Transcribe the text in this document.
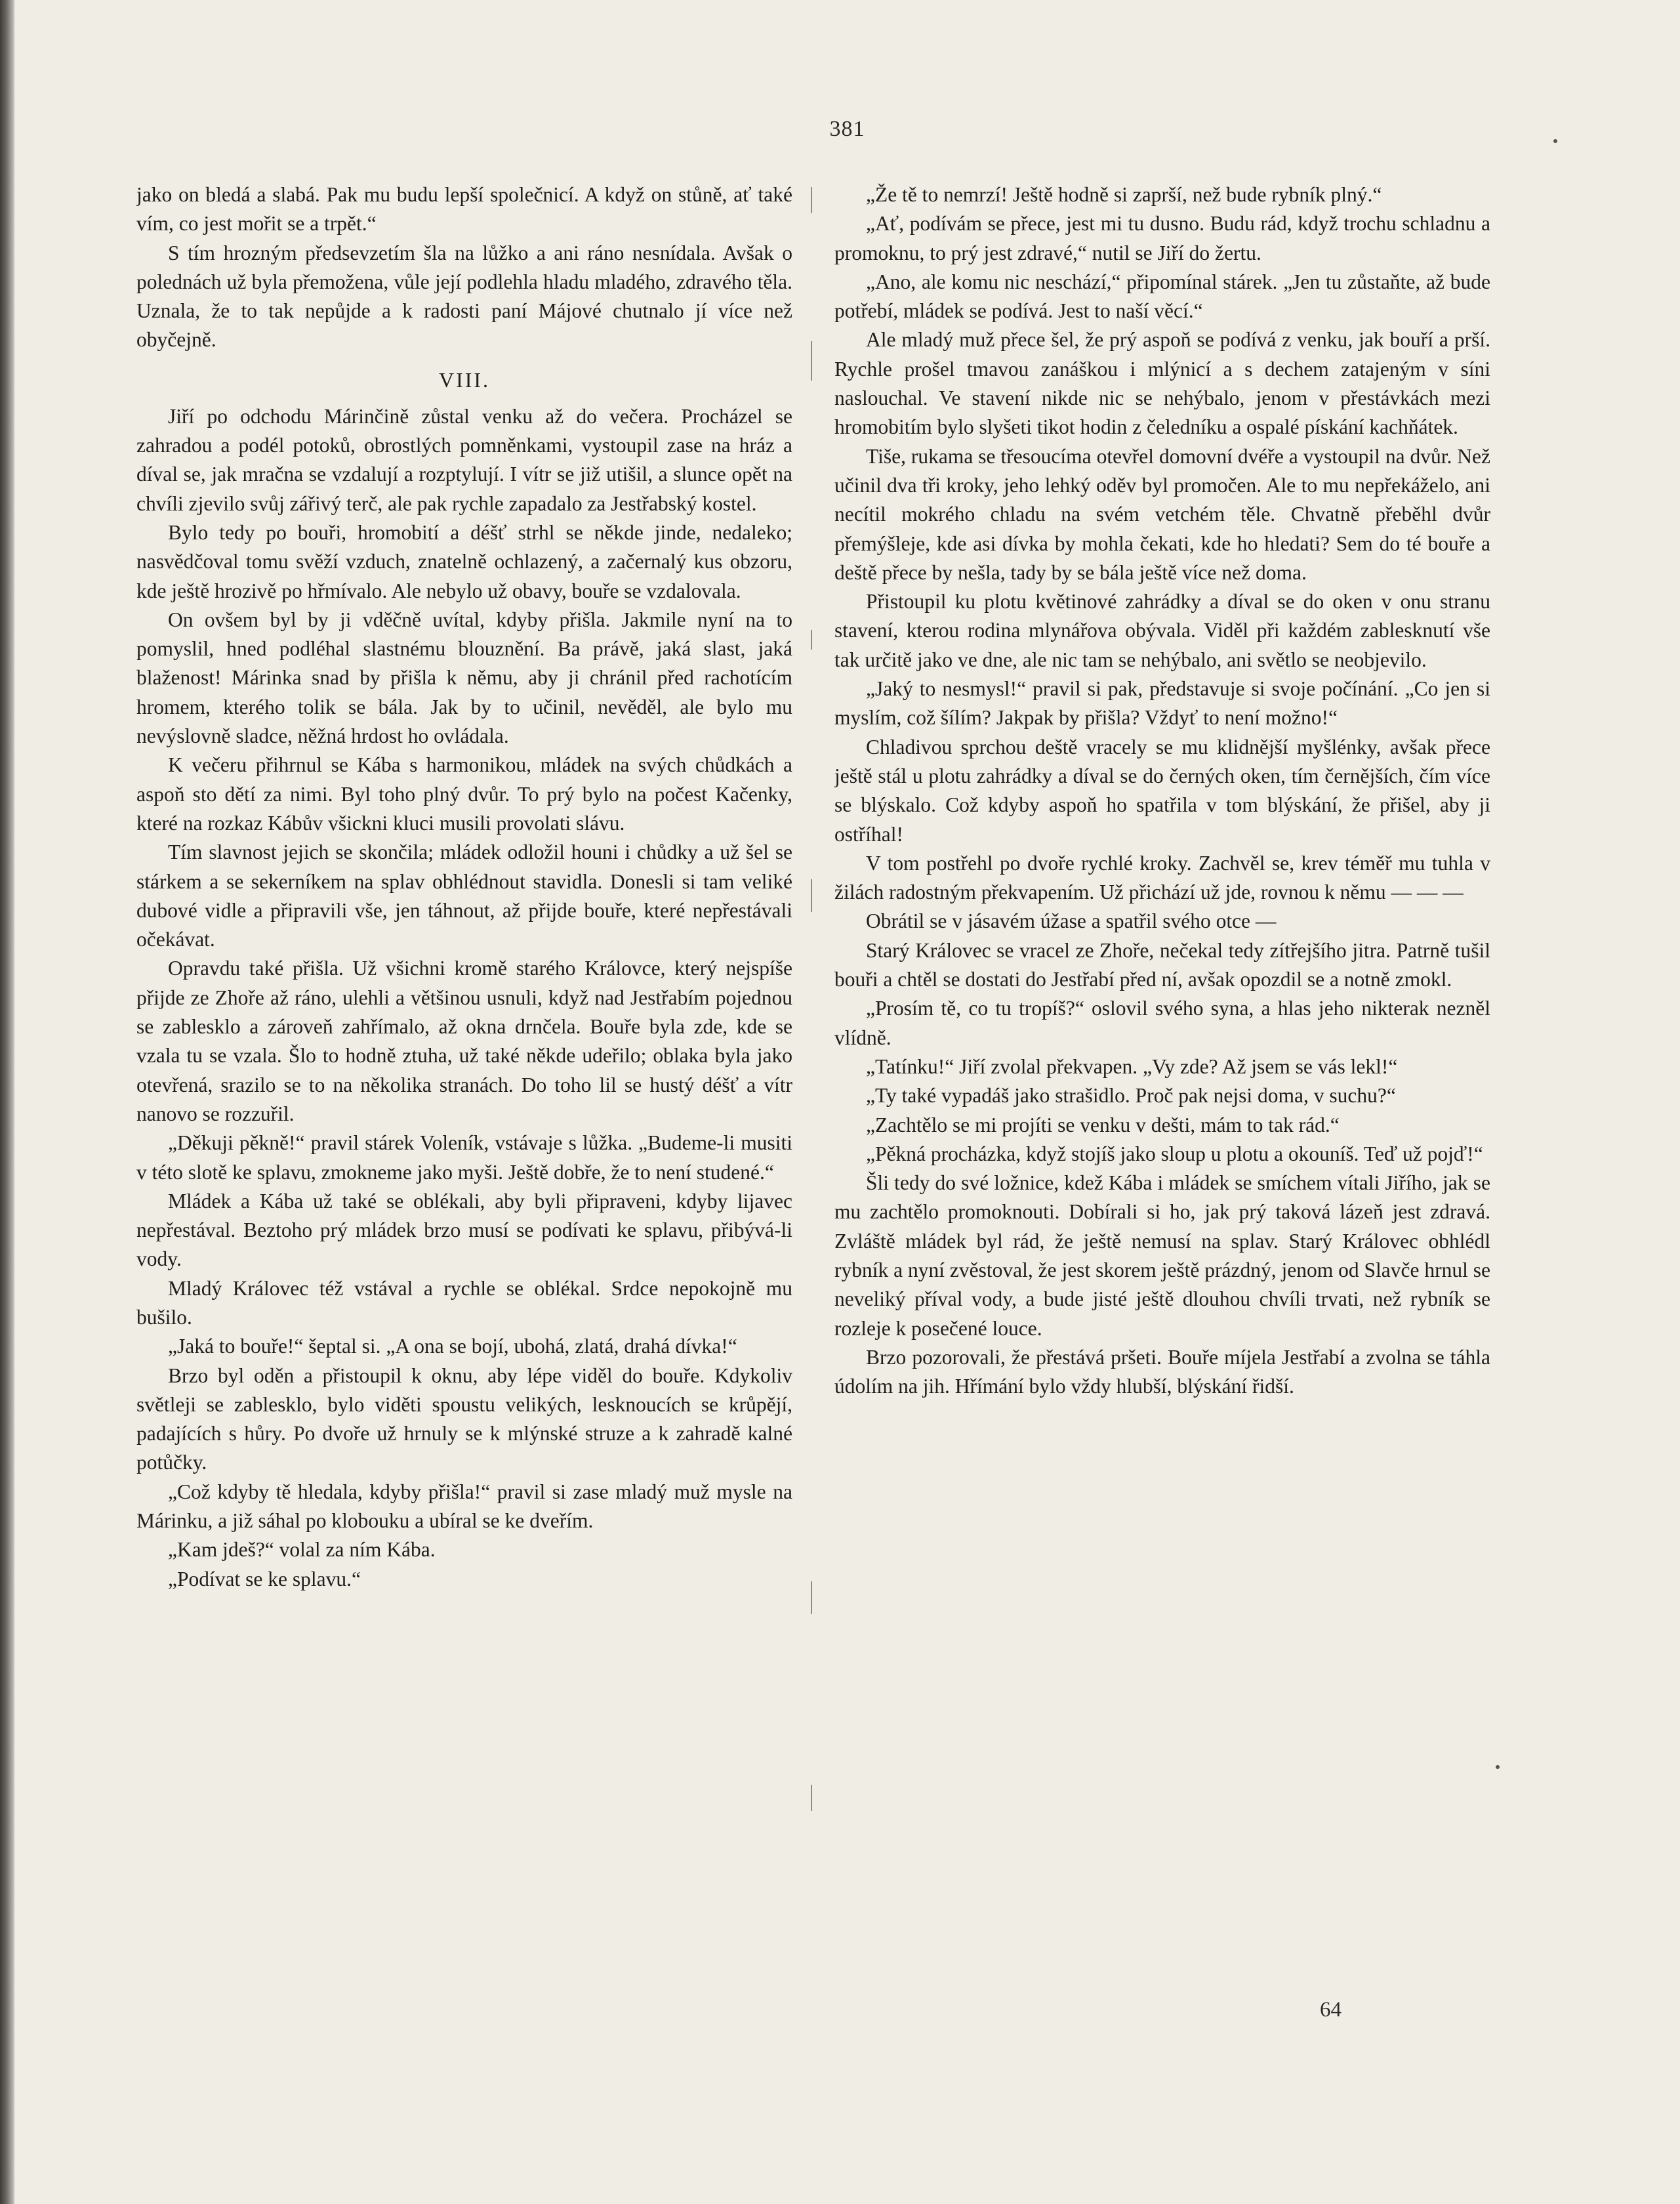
381

jako on bledá a slabá. Pak mu budu lepší společnicí. A když on stůně, ať také vím, co jest mořit se a trpět.“

S tím hrozným předsevzetím šla na lůžko a ani ráno nesnídala. Avšak o polednách už byla přemožena, vůle její podlehla hladu mladého, zdravého těla. Uznala, že to tak nepůjde a k radosti paní Májové chutnalo jí více než obyčejně.

VIII.

Jiří po odchodu Márinčině zůstal venku až do večera. Procházel se zahradou a podél potoků, obrostlých pomněnkami, vystoupil zase na hráz a díval se, jak mračna se vzdalují a rozptylují. I vítr se již utišil, a slunce opět na chvíli zjevilo svůj zářivý terč, ale pak rychle zapadalo za Jestřabský kostel.

Bylo tedy po bouři, hromobití a déšť strhl se někde jinde, nedaleko; nasvědčoval tomu svěží vzduch, znatelně ochlazený, a začernalý kus obzoru, kde ještě hrozivě po hřmívalo. Ale nebylo už obavy, bouře se vzdalovala.

On ovšem byl by ji vděčně uvítal, kdyby přišla. Jakmile nyní na to pomyslil, hned podléhal slastnému blouznění. Ba právě, jaká slast, jaká blaženost! Márinka snad by přišla k němu, aby ji chránil před rachotícím hromem, kterého tolik se bála. Jak by to učinil, nevěděl, ale bylo mu nevýslovně sladce, něžná hrdost ho ovládala.

K večeru přihrnul se Kába s harmonikou, mládek na svých chůdkách a aspoň sto dětí za nimi. Byl toho plný dvůr. To prý bylo na počest Kačenky, které na rozkaz Kábův všickni kluci musili provolati slávu.

Tím slavnost jejich se skončila; mládek odložil houni i chůdky a už šel se stárkem a se sekerníkem na splav obhlédnout stavidla. Donesli si tam veliké dubové vidle a připravili vše, jen táhnout, až přijde bouře, které nepřestávali očekávat.

Opravdu také přišla. Už všichni kromě starého Královce, který nejspíše přijde ze Zhoře až ráno, ulehli a většinou usnuli, když nad Jestřabím pojednou se zablesklo a zároveň zahřímalo, až okna drnčela. Bouře byla zde, kde se vzala tu se vzala. Šlo to hodně ztuha, už také někde udeřilo; oblaka byla jako otevřená, srazilo se to na několika stranách. Do toho lil se hustý déšť a vítr nanovo se rozzuřil.

„Děkuji pěkně!“ pravil stárek Voleník, vstávaje s lůžka. „Budeme-li musiti v této slotě ke splavu, zmokneme jako myši. Ještě dobře, že to není studené.“

Mládek a Kába už také se oblékali, aby byli připraveni, kdyby lijavec nepřestával. Beztoho prý mládek brzo musí se podívati ke splavu, přibývá-li vody.

Mladý Královec též vstával a rychle se oblékal. Srdce nepokojně mu bušilo.

„Jaká to bouře!“ šeptal si. „A ona se bojí, ubohá, zlatá, drahá dívka!“

Brzo byl oděn a přistoupil k oknu, aby lépe viděl do bouře. Kdykoliv světleji se zablesklo, bylo viděti spoustu velikých, lesknoucích se krůpějí, padajících s hůry. Po dvoře už hrnuly se k mlýnské struze a k zahradě kalné potůčky.

„Což kdyby tě hledala, kdyby přišla!“ pravil si zase mladý muž mysle na Márinku, a již sáhal po klobouku a ubíral se ke dveřím.

„Kam jdeš?“ volal za ním Kába.

„Podívat se ke splavu.“

„Že tě to nemrzí! Ještě hodně si zaprší, než bude rybník plný.“

„Ať, podívám se přece, jest mi tu dusno. Budu rád, když trochu schladnu a promoknu, to prý jest zdravé,“ nutil se Jiří do žertu.

„Ano, ale komu nic neschází,“ připomínal stárek. „Jen tu zůstaňte, až bude potřebí, mládek se podívá. Jest to naší věcí.“

Ale mladý muž přece šel, že prý aspoň se podívá z venku, jak bouří a prší. Rychle prošel tmavou zanáškou i mlýnicí a s dechem zatajeným v síni naslouchal. Ve stavení nikde nic se nehýbalo, jenom v přestávkách mezi hromobitím bylo slyšeti tikot hodin z čeledníku a ospalé pískání kachňátek.

Tiše, rukama se třesoucíma otevřel domovní dvéře a vystoupil na dvůr. Než učinil dva tři kroky, jeho lehký oděv byl promočen. Ale to mu nepřekáželo, ani necítil mokrého chladu na svém vetchém těle. Chvatně přeběhl dvůr přemýšleje, kde asi dívka by mohla čekati, kde ho hledati? Sem do té bouře a deště přece by nešla, tady by se bála ještě více než doma.

Přistoupil ku plotu květinové zahrádky a díval se do oken v onu stranu stavení, kterou rodina mlynářova obývala. Viděl při každém zablesknutí vše tak určitě jako ve dne, ale nic tam se nehýbalo, ani světlo se neobjevilo.

„Jaký to nesmysl!“ pravil si pak, představuje si svoje počínání. „Co jen si myslím, což šílím? Jakpak by přišla? Vždyť to není možno!“

Chladivou sprchou deště vracely se mu klidnější myšlénky, avšak přece ještě stál u plotu zahrádky a díval se do černých oken, tím černějších, čím více se blýskalo. Což kdyby aspoň ho spatřila v tom blýskání, že přišel, aby ji ostříhal!

V tom postřehl po dvoře rychlé kroky. Zachvěl se, krev téměř mu tuhla v žilách radostným překvapením. Už přichází už jde, rovnou k němu — — —

Obrátil se v jásavém úžase a spatřil svého otce —

Starý Královec se vracel ze Zhoře, nečekal tedy zítřejšího jitra. Patrně tušil bouři a chtěl se dostati do Jestřabí před ní, avšak opozdil se a notně zmokl.

„Prosím tě, co tu tropíš?“ oslovil svého syna, a hlas jeho nikterak nezněl vlídně.

„Tatínku!“ Jiří zvolal překvapen. „Vy zde? Až jsem se vás lekl!“

„Ty také vypadáš jako strašidlo. Proč pak nejsi doma, v suchu?“

„Zachtělo se mi projíti se venku v dešti, mám to tak rád.“

„Pěkná procházka, když stojíš jako sloup u plotu a okouníš. Teď už pojď!“

Šli tedy do své ložnice, kdež Kába i mládek se smíchem vítali Jiřího, jak se mu zachtělo promoknouti. Dobírali si ho, jak prý taková lázeň jest zdravá. Zvláště mládek byl rád, že ještě nemusí na splav. Starý Královec obhlédl rybník a nyní zvěstoval, že jest skorem ještě prázdný, jenom od Slavče hrnul se neveliký příval vody, a bude jisté ještě dlouhou chvíli trvati, než rybník se rozleje k posečené louce.

Brzo pozorovali, že přestává pršeti. Bouře míjela Jestřabí a zvolna se táhla údolím na jih. Hřímání bylo vždy hlubší, blýskání řidší.

64
